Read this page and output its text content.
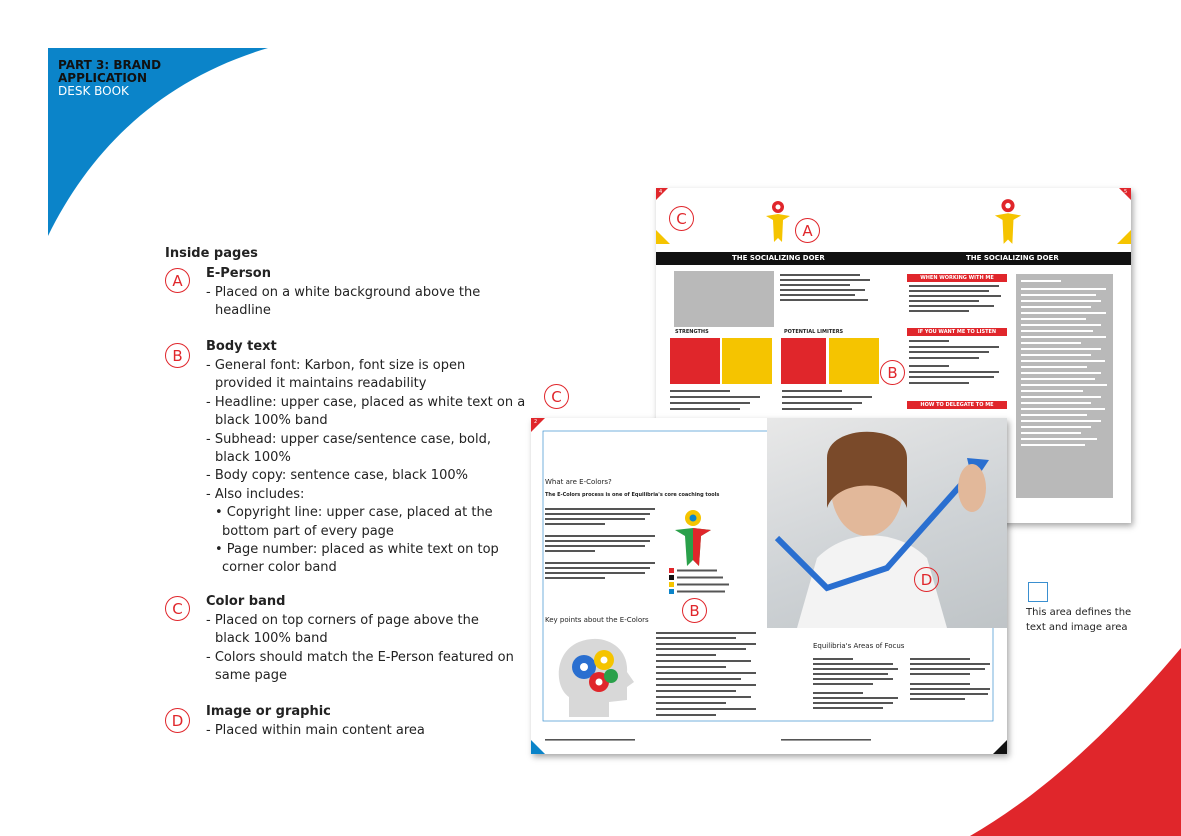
PART 3: BRAND
APPLICATION
DESK BOOK
Inside pages
A	E-Person
- Placed on a white background above the
headline
B
Body text
- General font: Karbon, font size is open
provided it maintains readability
- Headline: upper case, placed as white text on a
black 100% band
- Subhead: upper case/sentence case, bold,
black 100%
- Body copy: sentence case, black 100%
- Also includes:
• Copyright line: upper case, placed at the
bottom part of every page
• Page number: placed as white text on top
corner color band
C	Color band
- Placed on top corners of page above the
black 100% band
- Colors should match the E-Person featured on
same page
D
Image or graphic
- Placed within main content area
4	5
THE SOCIALIZING DOER	THE SOCIALIZING DOER
STRENGTHS	POTENTIAL LIMITERS
WHEN WORKING WITH ME
IF YOU WANT ME TO LISTEN
HOW TO DELEGATE TO ME
2
What are E-Colors?
The E-Colors process is one of Equilibria's core coaching tools
Key points about the E-Colors
Equilibria's Areas of Focus
C
A
C
B
B
D
This area defines the
text and image area
